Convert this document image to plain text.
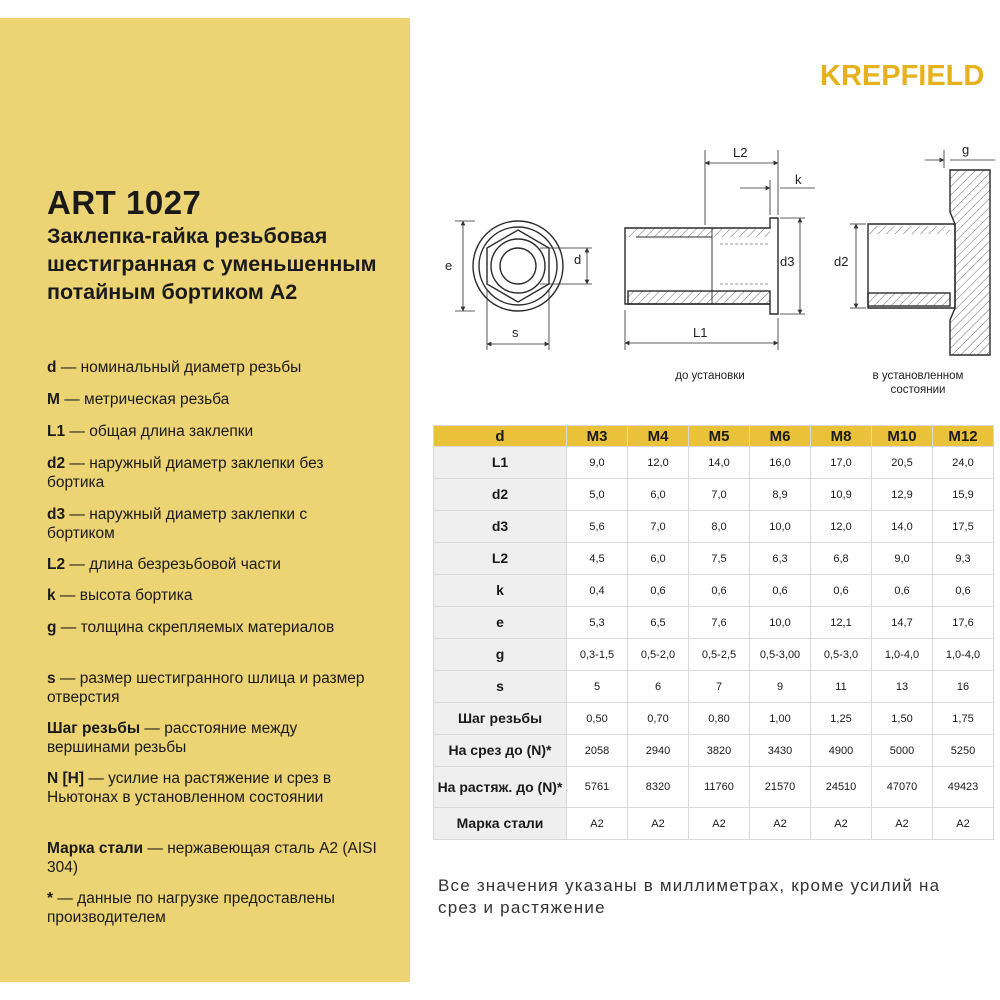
ART 1027

Заклепка-гайка резьбовая шестигранная с уменьшенным потайным бортиком А2

d — номинальный диаметр резьбы
M — метрическая резьба
L1 — общая длина заклепки
d2 — наружный диаметр заклепки без бортика
d3 — наружный диаметр заклепки с бортиком
L2 — длина безрезьбовой части
k — высота бортика
g — толщина скрепляемых материалов
s — размер шестигранного шлица и размер отверстия
Шаг резьбы — расстояние между вершинами резьбы
N [Н] — усилие на растяжение и срез в Ньютонах в установленном состоянии
Марка стали — нержавеющая сталь А2 (AISI 304)
* — данные по нагрузке предоставлены производителем
KREPFIELD
e	d
s
L2
k
d3
L1
g
d2
до установки	в установленном состоянии
d	M3	M4	M5	M6	M8	M10	M12
L1	9,0	12,0	14,0	16,0	17,0	20,5	24,0
d2	5,0	6,0	7,0	8,9	10,9	12,9	15,9
d3	5,6	7,0	8,0	10,0	12,0	14,0	17,5
L2	4,5	6,0	7,5	6,3	6,8	9,0	9,3
k	0,4	0,6	0,6	0,6	0,6	0,6	0,6
e	5,3	6,5	7,6	10,0	12,1	14,7	17,6
g	0,3-1,5	0,5-2,0	0,5-2,5	0,5-3,00	0,5-3,0	1,0-4,0	1,0-4,0
s	5	6	7	9	11	13	16
Шаг резьбы	0,50	0,70	0,80	1,00	1,25	1,50	1,75
На срез до (N)*	2058	2940	3820	3430	4900	5000	5250
На растяж. до (N)*	5761	8320	11760	21570	24510	47070	49423
Марка стали	A2	A2	A2	A2	A2	A2	A2
Все значения указаны в миллиметрах, кроме усилий на срез и растяжение
